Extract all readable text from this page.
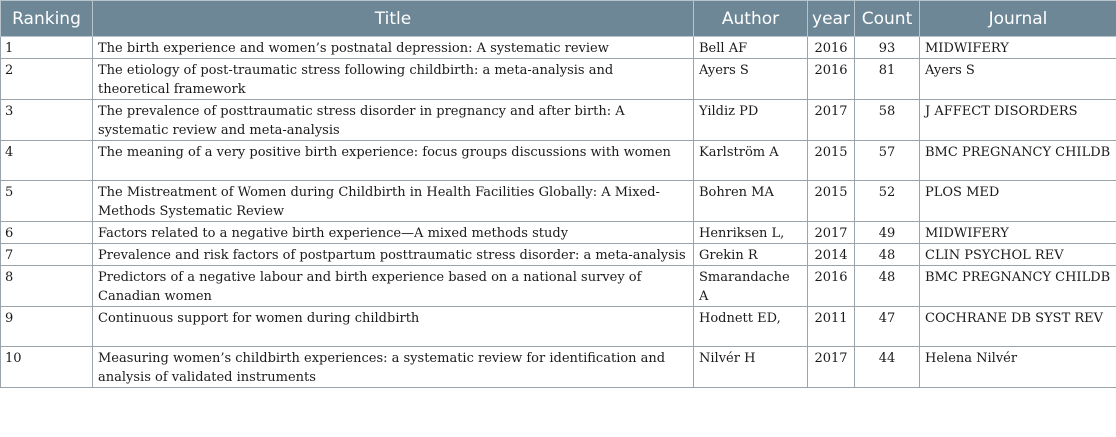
Ranking	Title	Author	year	Count	Journal
1	The birth experience and women’s postnatal depression: A systematic review	Bell AF	2016	93	MIDWIFERY
2	The etiology of post-traumatic stress following childbirth: a meta-analysis and theoretical framework	Ayers S	2016	81	Ayers S
3	The prevalence of posttraumatic stress disorder in pregnancy and after birth: A systematic review and meta-analysis	Yildiz PD	2017	58	J AFFECT DISORDERS
4	The meaning of a very positive birth experience: focus groups discussions with women	Karlström A	2015	57	BMC PREGNANCY CHILDB
5	The Mistreatment of Women during Childbirth in Health Facilities Globally: A Mixed-Methods Systematic Review	Bohren MA	2015	52	PLOS MED
6	Factors related to a negative birth experience—A mixed methods study	Henriksen L,	2017	49	MIDWIFERY
7	Prevalence and risk factors of postpartum posttraumatic stress disorder: a meta-analysis	Grekin R	2014	48	CLIN PSYCHOL REV
8	Predictors of a negative labour and birth experience based on a national survey of Canadian women	Smarandache A	2016	48	BMC PREGNANCY CHILDB
9	Continuous support for women during childbirth	Hodnett ED,	2011	47	COCHRANE DB SYST REV
10	Measuring women’s childbirth experiences: a systematic review for identification and analysis of validated instruments	Nilvér H	2017	44	Helena Nilvér
